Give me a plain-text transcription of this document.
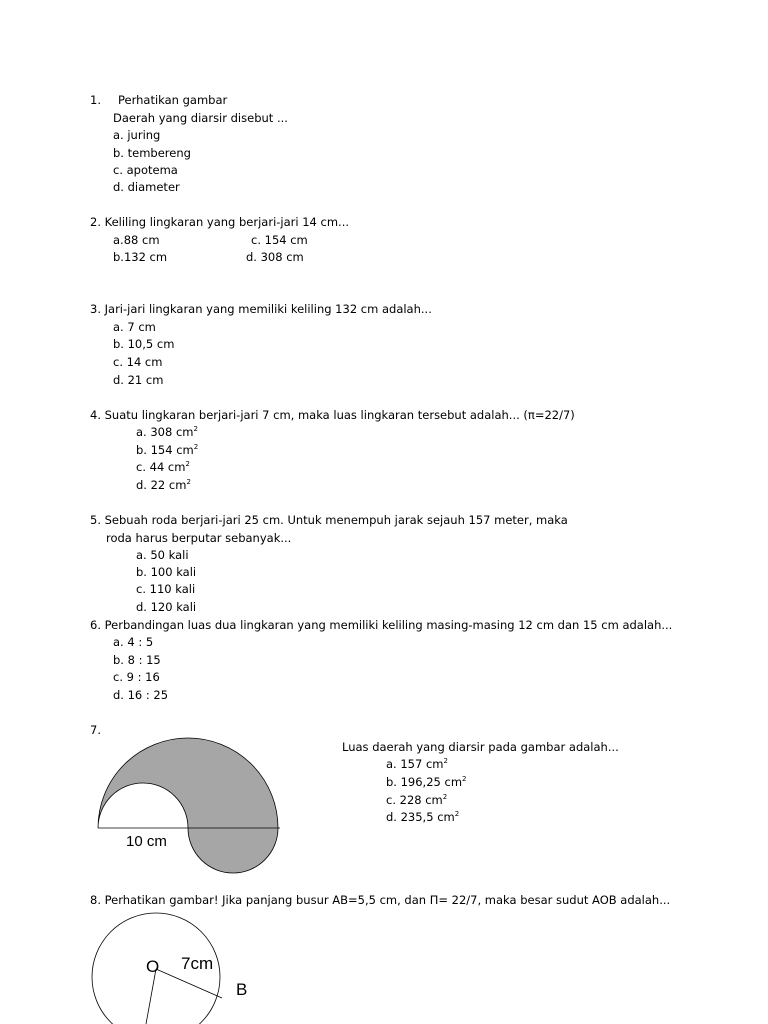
1. Perhatikan gambar
Daerah yang diarsir disebut ...
a. juring
b. tembereng
c. apotema
d. diameter
2. Keliling lingkaran yang berjari-jari 14 cm...
a.88 cm	c. 154 cm
b.132 cm	d. 308 cm
3. Jari-jari lingkaran yang memiliki keliling 132 cm adalah...
a. 7 cm
b. 10,5 cm
c. 14 cm
d. 21 cm
4. Suatu lingkaran berjari-jari 7 cm, maka luas lingkaran tersebut adalah... (π=22/7)
a. 308 $cm^2$
b. 154 $cm^2$
c. 44 $cm^2$
d. 22 $cm^2$
5. Sebuah roda berjari-jari 25 cm. Untuk menempuh jarak sejauh 157 meter, maka
roda harus berputar sebanyak...
a. 50 kali
b. 100 kali
c. 110 kali
d. 120 kali
6. Perbandingan luas dua lingkaran yang memiliki keliling masing-masing 12 cm dan 15 cm adalah...
a. 4 : 5
b. 8 : 15
c. 9 : 16
d. 16 : 25
7.
Luas daerah yang diarsir pada gambar adalah...
a. 157 $cm^2$
b. 196,25 $cm^2$
c. 228 $cm^2$
d. 235,5 $cm^2$
10 cm
8. Perhatikan gambar! Jika panjang busur AB=5,5 cm, dan Π= 22/7, maka besar sudut AOB adalah...
O 7cm
B
